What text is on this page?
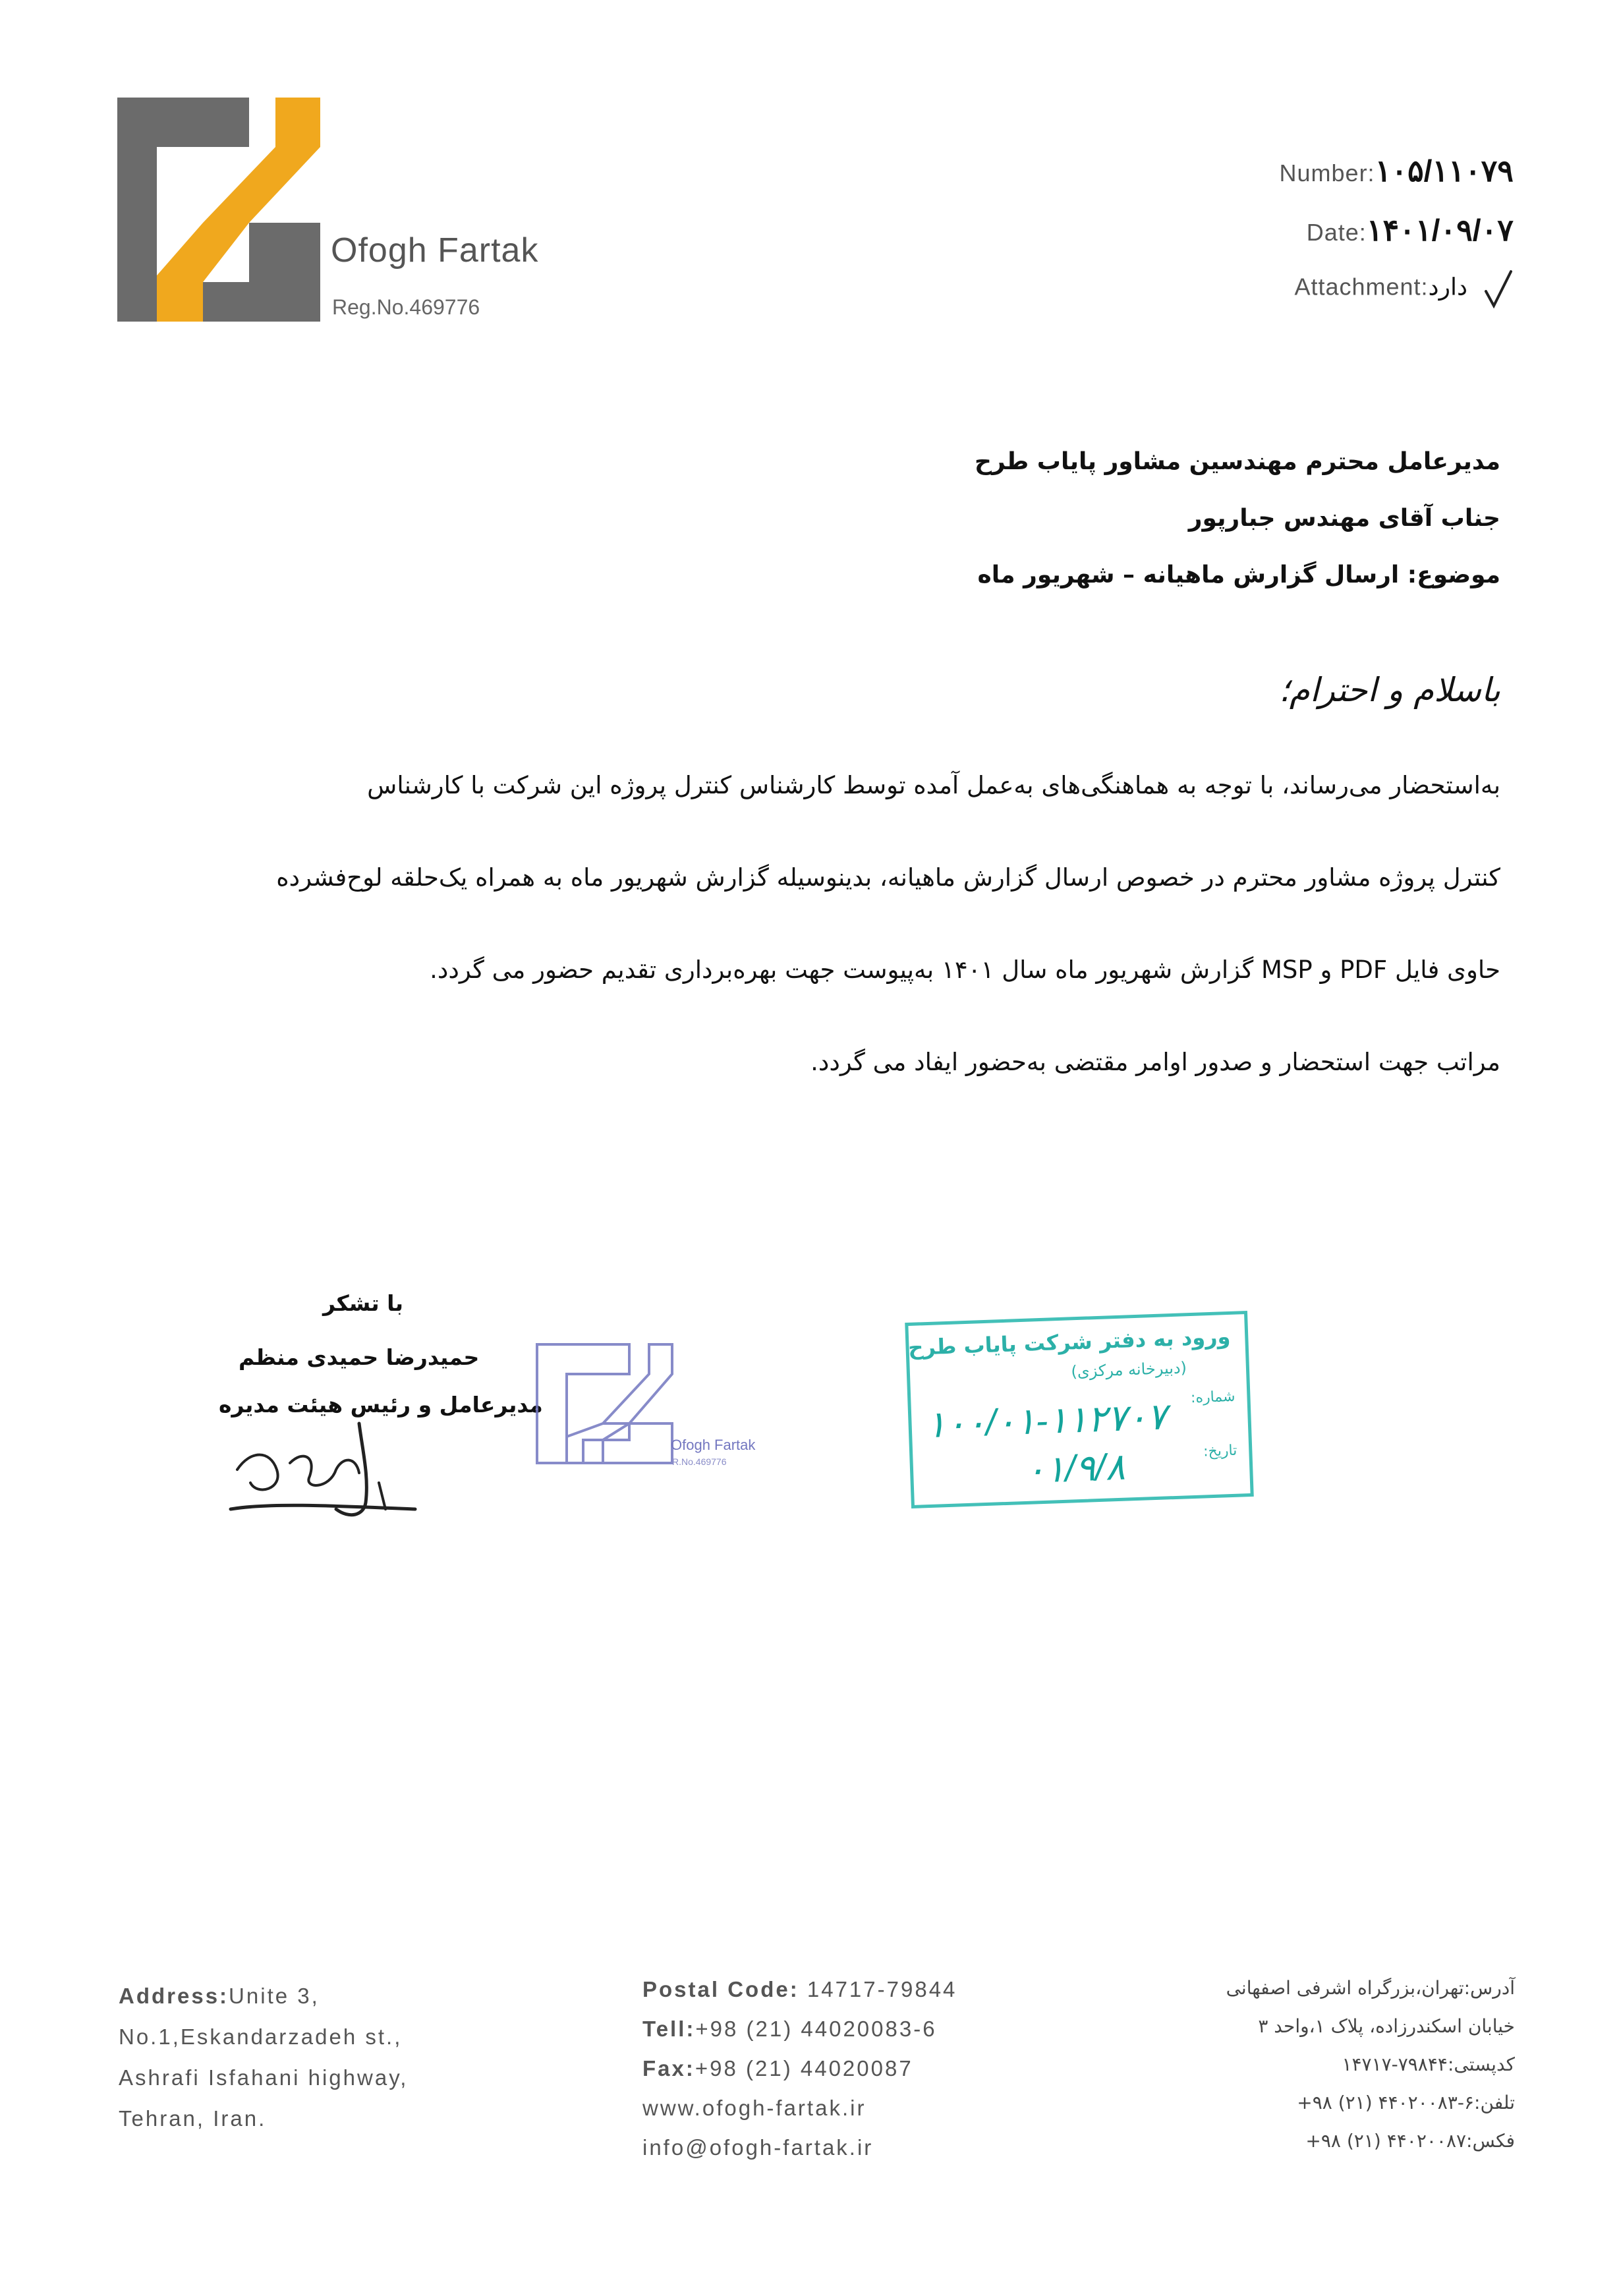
Ofogh Fartak
Reg.No.469776
Number:۱۰۵/۱۱۰۷۹
Date:۱۴۰۱/۰۹/۰۷
Attachment:دارد
مدیرعامل محترم مهندسین مشاور پایاب طرح
جناب آقای مهندس جبارپور
موضوع: ارسال گزارش ماهیانه – شهریور ماه
باسلام و احترام؛
به‌استحضار می‌رساند، با توجه به هماهنگی‌های به‌عمل آمده توسط کارشناس کنترل پروژه این شرکت با کارشناس
کنترل پروژه مشاور محترم در خصوص ارسال گزارش ماهیانه، بدینوسیله گزارش شهریور ماه به همراه یک‌حلقه لوح‌فشرده
حاوی فایل PDF و MSP گزارش شهریور ماه سال ۱۴۰۱ به‌پیوست جهت بهره‌برداری تقدیم حضور می گردد.
مراتب جهت استحضار و صدور اوامر مقتضی به‌حضور ایفاد می گردد.
با تشکر
حمیدرضا حمیدی منظم
مدیرعامل و رئیس هیئت مدیره
Ofogh Fartak
R.No.469776
ورود به دفتر شرکت پایاب طرح
(دبیرخانه مرکزی)
شماره:
تاریخ:
۱۰۰/۰۱-۱۱۲۷۰۷
۰۱/۹/۸
Address:Unite 3,
No.1,Eskandarzadeh st.,
Ashrafi Isfahani highway,
Tehran, Iran.
Postal Code: 14717-79844
Tell:+98 (21) 44020083-6
Fax:+98 (21) 44020087
www.ofogh-fartak.ir
info@ofogh-fartak.ir
آدرس:تهران،بزرگراه اشرفی اصفهانی
خیابان اسکندرزاده، پلاک ۱،واحد ۳
کدپستی:۷۹۸۴۴-۱۴۷۱۷
تلفن:۶-۴۴۰۲۰۰۸۳ (۲۱) ۹۸+
فکس:۴۴۰۲۰۰۸۷ (۲۱) ۹۸+
